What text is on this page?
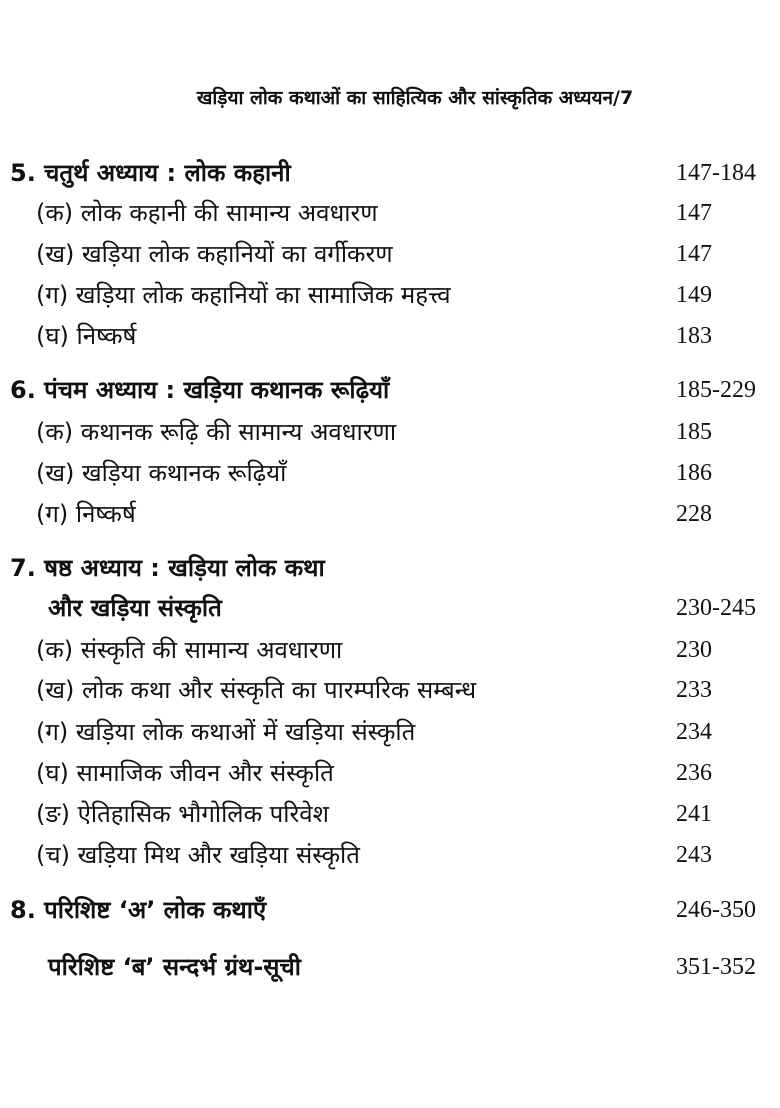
खड़िया लोक कथाओं का साहित्यिक और सांस्कृतिक अध्ययन/7
5. चतुर्थ अध्याय : लोक कहानी	147-184
(क) लोक कहानी की सामान्य अवधारण	147
(ख) खड़िया लोक कहानियों का वर्गीकरण	147
(ग) खड़िया लोक कहानियों का सामाजिक महत्त्व	149
(घ) निष्कर्ष	183
6. पंचम अध्याय : खड़िया कथानक रूढ़ियाँ	185-229
(क) कथानक रूढ़ि की सामान्य अवधारणा	185
(ख) खड़िया कथानक रूढ़ियाँ	186
(ग) निष्कर्ष	228
7. षष्ठ अध्याय : खड़िया लोक कथा
और खड़िया संस्कृति	230-245
(क) संस्कृति की सामान्य अवधारणा	230
(ख) लोक कथा और संस्कृति का पारम्परिक सम्बन्ध	233
(ग) खड़िया लोक कथाओं में खड़िया संस्कृति	234
(घ) सामाजिक जीवन और संस्कृति	236
(ङ) ऐतिहासिक भौगोलिक परिवेश	241
(च) खड़िया मिथ और खड़िया संस्कृति	243
8. परिशिष्ट ‘अ’ लोक कथाएँ	246-350
परिशिष्ट ‘ब’ सन्दर्भ ग्रंथ-सूची	351-352
